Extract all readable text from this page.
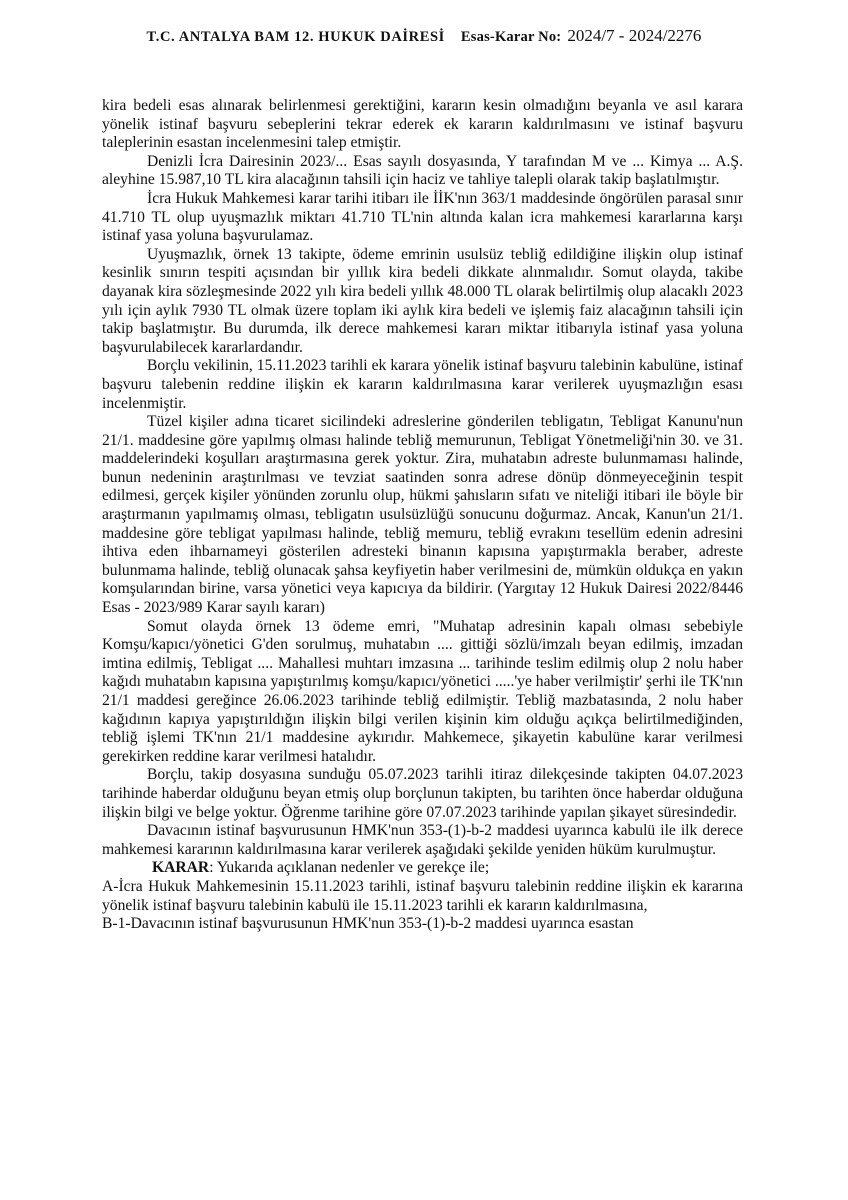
T.C. ANTALYA BAM 12. HUKUK DAİRESİ Esas-Karar No: 2024/7 - 2024/2276

kira bedeli esas alınarak belirlenmesi gerektiğini, kararın kesin olmadığını beyanla ve asıl karara yönelik istinaf başvuru sebeplerini tekrar ederek ek kararın kaldırılmasını ve istinaf başvuru taleplerinin esastan incelenmesini talep etmiştir.

Denizli İcra Dairesinin 2023/... Esas sayılı dosyasında, Y tarafından M ve ... Kimya ... A.Ş. aleyhine 15.987,10 TL kira alacağının tahsili için haciz ve tahliye talepli olarak takip başlatılmıştır.

İcra Hukuk Mahkemesi karar tarihi itibarı ile İİK'nın 363/1 maddesinde öngörülen parasal sınır 41.710 TL olup uyuşmazlık miktarı 41.710 TL'nin altında kalan icra mahkemesi kararlarına karşı istinaf yasa yoluna başvurulamaz.

Uyuşmazlık, örnek 13 takipte, ödeme emrinin usulsüz tebliğ edildiğine ilişkin olup istinaf kesinlik sınırın tespiti açısından bir yıllık kira bedeli dikkate alınmalıdır. Somut olayda, takibe dayanak kira sözleşmesinde 2022 yılı kira bedeli yıllık 48.000 TL olarak belirtilmiş olup alacaklı 2023 yılı için aylık 7930 TL olmak üzere toplam iki aylık kira bedeli ve işlemiş faiz alacağının tahsili için takip başlatmıştır. Bu durumda, ilk derece mahkemesi kararı miktar itibarıyla istinaf yasa yoluna başvurulabilecek kararlardandır.

Borçlu vekilinin, 15.11.2023 tarihli ek karara yönelik istinaf başvuru talebinin kabulüne, istinaf başvuru talebenin reddine ilişkin ek kararın kaldırılmasına karar verilerek uyuşmazlığın esası incelenmiştir.

Tüzel kişiler adına ticaret sicilindeki adreslerine gönderilen tebligatın, Tebligat Kanunu'nun 21/1. maddesine göre yapılmış olması halinde tebliğ memurunun, Tebligat Yönetmeliği'nin 30. ve 31. maddelerindeki koşulları araştırmasına gerek yoktur. Zira, muhatabın adreste bulunmaması halinde, bunun nedeninin araştırılması ve tevziat saatinden sonra adrese dönüp dönmeyeceğinin tespit edilmesi, gerçek kişiler yönünden zorunlu olup, hükmi şahısların sıfatı ve niteliği itibari ile böyle bir araştırmanın yapılmamış olması, tebligatın usulsüzlüğü sonucunu doğurmaz. Ancak, Kanun'un 21/1. maddesine göre tebligat yapılması halinde, tebliğ memuru, tebliğ evrakını tesellüm edenin adresini ihtiva eden ihbarnameyi gösterilen adresteki binanın kapısına yapıştırmakla beraber, adreste bulunmama halinde, tebliğ olunacak şahsa keyfiyetin haber verilmesini de, mümkün oldukça en yakın komşularından birine, varsa yönetici veya kapıcıya da bildirir. (Yargıtay 12 Hukuk Dairesi 2022/8446 Esas - 2023/989 Karar sayılı kararı)

Somut olayda örnek 13 ödeme emri, "Muhatap adresinin kapalı olması sebebiyle Komşu/kapıcı/yönetici G'den sorulmuş, muhatabın .... gittiği sözlü/imzalı beyan edilmiş, imzadan imtina edilmiş, Tebligat .... Mahallesi muhtarı imzasına ... tarihinde teslim edilmiş olup 2 nolu haber kağıdı muhatabın kapısına yapıştırılmış komşu/kapıcı/yönetici .....'ye haber verilmiştir' şerhi ile TK'nın 21/1 maddesi gereğince 26.06.2023 tarihinde tebliğ edilmiştir. Tebliğ mazbatasında, 2 nolu haber kağıdının kapıya yapıştırıldığın ilişkin bilgi verilen kişinin kim olduğu açıkça belirtilmediğinden, tebliğ işlemi TK'nın 21/1 maddesine aykırıdır. Mahkemece, şikayetin kabulüne karar verilmesi gerekirken reddine karar verilmesi hatalıdır.

Borçlu, takip dosyasına sunduğu 05.07.2023 tarihli itiraz dilekçesinde takipten 04.07.2023 tarihinde haberdar olduğunu beyan etmiş olup borçlunun takipten, bu tarihten önce haberdar olduğuna ilişkin bilgi ve belge yoktur. Öğrenme tarihine göre 07.07.2023 tarihinde yapılan şikayet süresindedir.

Davacının istinaf başvurusunun HMK'nun 353-(1)-b-2 maddesi uyarınca kabulü ile ilk derece mahkemesi kararının kaldırılmasına karar verilerek aşağıdaki şekilde yeniden hüküm kurulmuştur.

KARAR: Yukarıda açıklanan nedenler ve gerekçe ile;

A-İcra Hukuk Mahkemesinin 15.11.2023 tarihli, istinaf başvuru talebinin reddine ilişkin ek kararına yönelik istinaf başvuru talebinin kabulü ile 15.11.2023 tarihli ek kararın kaldırılmasına,

B-1-Davacının istinaf başvurusunun HMK'nun 353-(1)-b-2 maddesi uyarınca esastan
